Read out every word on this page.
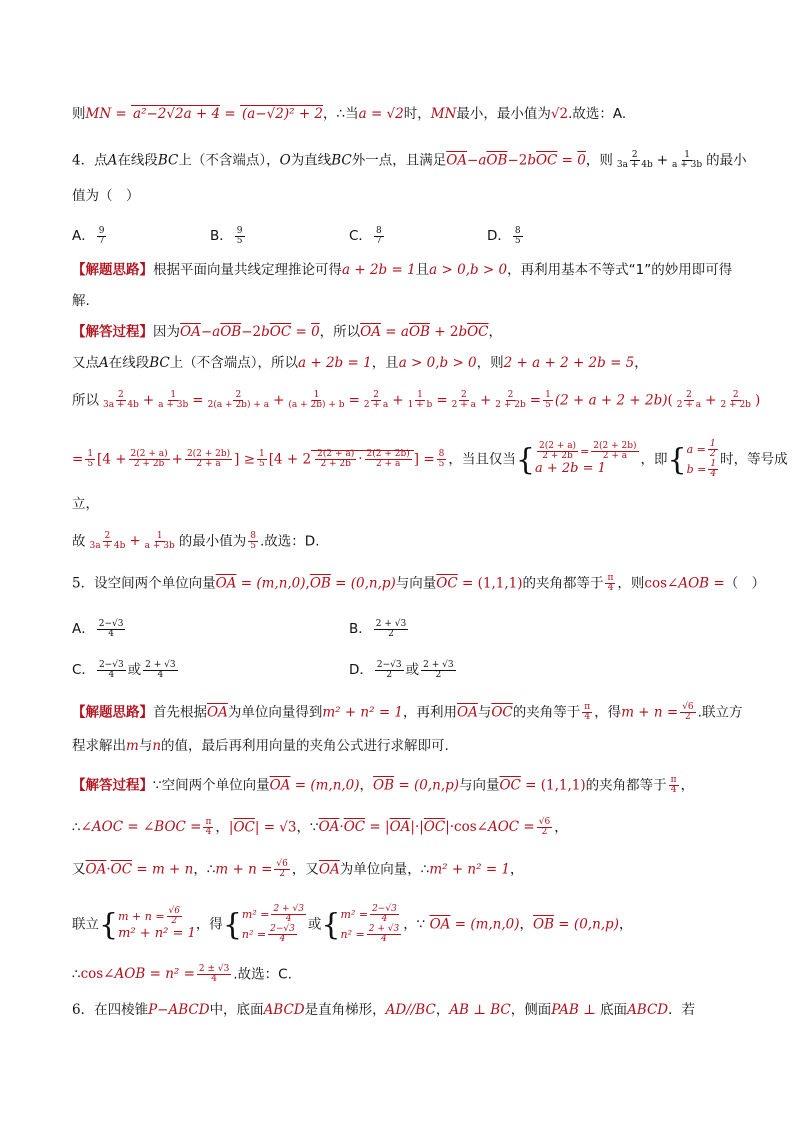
则MN = a²−2√2a + 4 = (a−√2)² + 2，∴当a = √2时，MN最小，最小值为√2.故选：A.
4．点A在线段BC上（不含端点），O为直线BC外一点，且满足$\overline{OA}-a\overline{OB}-2b\overline{OC} = 0$，则 $\frac{2}{3a + 4b} + \frac{1}{a + 3b}$ 的最小
值为（　）
A． $\frac{9}{7}$	B． $\frac{9}{5}$	C． $\frac{8}{7}$	D． $\frac{8}{5}$
【解题思路】根据平面向量共线定理推论可得a + 2b = 1且a > 0,b > 0，再利用基本不等式“1”的妙用即可得
解.
【解答过程】因为$\overline{OA}-a\overline{OB}-2b\overline{OC} = 0$，所以$\overline{OA} = a\overline{OB} + 2b\overline{OC}$，
又点A在线段BC上（不含端点），所以a + 2b = 1，且a > 0,b > 0，则2 + a + 2 + 2b = 5，
所以 $\frac{2}{3a + 4b} + \frac{1}{a + 3b} = \frac{2}{2(a + 2b) + a} + \frac{1}{(a + 2b) + b} = \frac{2}{2 + a} + \frac{1}{1 + b} = \frac{2}{2 + a} + \frac{2}{2 + 2b} = \frac{1}{5} (2 + a + 2 + 2b)( \frac{2}{2 + a} + \frac{2}{2 + 2b}$ )
= $\frac{1}{5} [4 + \frac{2(2 + a)}{2 + 2b} + \frac{2(2 + 2b)}{2 + a}$ ] ≥ $\frac{1}{5} [4 + 2 \frac{2(2 + a)}{2 + 2b} \cdot \frac{2(2 + 2b)}{2 + a}$ ] = $\frac{8}{5}$ ，当且仅当{ $\frac{2(2 + a)}{2 + 2b} = \frac{2(2 + 2b)}{2 + a}$
a + 2b = 1
，即{ $a = \frac{1}{2}$
$b = \frac{1}{4}$
时，等号成
立，
故 $\frac{2}{3a + 4b} + \frac{1}{a + 3b}$ 的最小值为 $\frac{8}{5}$ .故选：D.
5．设空间两个单位向量$\overline{OA} = (m,n,0),\overline{OB} = (0,n,p)$与向量$\overline{OC} = (1,1,1)$的夹角都等于 $\frac{\pi}{4}$ ，则cos∠AOB =（　）
A． $\frac{2-√3}{4}$	B． $\frac{2 + √3}{2}$
C． $\frac{2-√3}{4}$ 或 $\frac{2 + √3}{4}$	D． $\frac{2-√3}{2}$ 或 $\frac{2 + √3}{2}$
【解题思路】首先根据$\overline{OA}$为单位向量得到m² + n² = 1，再利用$\overline{OA}$与$\overline{OC}$的夹角等于 $\frac{\pi}{4}$ ，得$m + n = \frac{√6}{2}$ .联立方
程求解出m与n的值，最后再利用向量的夹角公式进行求解即可.
【解答过程】∵空间两个单位向量$\overline{OA} = (m,n,0)$，$\overline{OB} = (0,n,p)$与向量$\overline{OC} = (1,1,1)$的夹角都等于 $\frac{\pi}{4}$ ，
∴∠AOC = ∠BOC = $\frac{\pi}{4}$ ，$|\overline{OC}| = √3$，$\because\overline{OA}\cdot\overline{OC}$ = $|\overline{OA}|\cdot|\overline{OC}|\cdot\cos\angle AOC = \frac{√6}{2}$ ，
又$\overline{OA}\cdot\overline{OC} = m + n$，∴m + $n = \frac{√6}{2}$ ，又$\overline{OA}$为单位向量，∴m² + n² = 1，
联立{ $m + n = \frac{√6}{2}$
m² + n² = 1
，得{ $m^2 = \frac{2 + √3}{4}$
$n^2 = \frac{2-√3}{4}$
或{ $m^2 = \frac{2-√3}{4}$
$n^2 = \frac{2 + √3}{4}$
，∵ $\overline{OA} = (m,n,0)$，$\overline{OB} = (0,n,p)$，
∴cos∠AOB = $n^2 = \frac{2 \pm √3}{4}$ .故选：C.
6．在四棱锥P−ABCD中，底面ABCD是直角梯形，AD//BC，AB ⊥ BC，侧面PAB ⊥ 底面ABCD．若
